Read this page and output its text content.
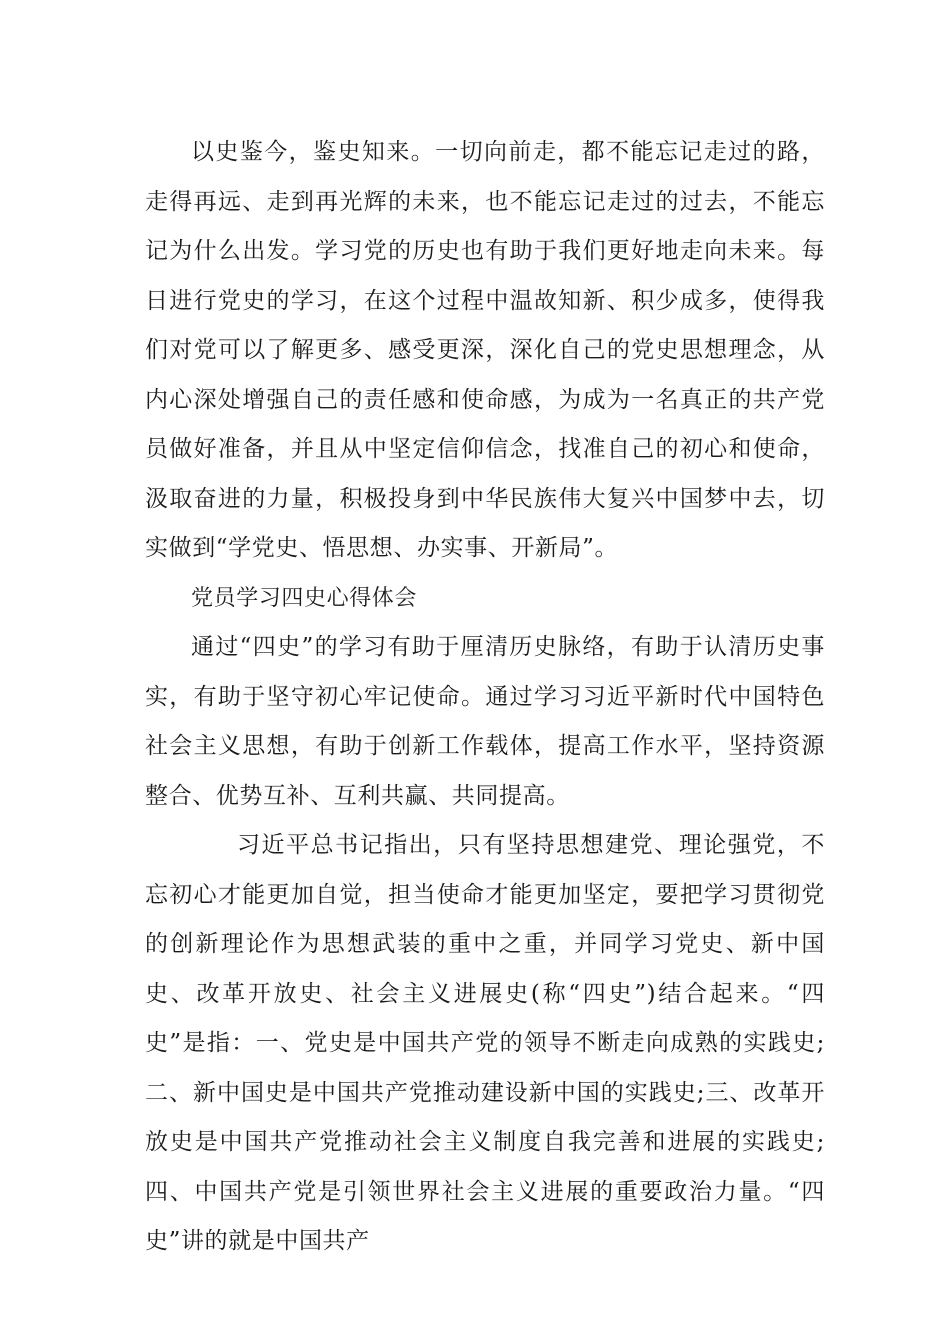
以史鉴今，鉴史知来。一切向前走，都不能忘记走过的路，走得再远、走到再光辉的未来，也不能忘记走过的过去，不能忘记为什么出发。学习党的历史也有助于我们更好地走向未来。每日进行党史的学习，在这个过程中温故知新、积少成多，使得我们对党可以了解更多、感受更深，深化自己的党史思想理念，从内心深处增强自己的责任感和使命感，为成为一名真正的共产党员做好准备，并且从中坚定信仰信念，找准自己的初心和使命，汲取奋进的力量，积极投身到中华民族伟大复兴中国梦中去，切实做到“学党史、悟思想、办实事、开新局”。

党员学习四史心得体会

通过“四史”的学习有助于厘清历史脉络，有助于认清历史事实，有助于坚守初心牢记使命。通过学习习近平新时代中国特色社会主义思想，有助于创新工作载体，提高工作水平，坚持资源整合、优势互补、互利共赢、共同提高。

习近平总书记指出，只有坚持思想建党、理论强党，不忘初心才能更加自觉，担当使命才能更加坚定，要把学习贯彻党的创新理论作为思想武装的重中之重，并同学习党史、新中国史、改革开放史、社会主义进展史(称“四史”)结合起来。“四史”是指：一、党史是中国共产党的领导不断走向成熟的实践史;二、新中国史是中国共产党推动建设新中国的实践史;三、改革开放史是中国共产党推动社会主义制度自我完善和进展的实践史;四、中国共产党是引领世界社会主义进展的重要政治力量。“四史”讲的就是中国共产
